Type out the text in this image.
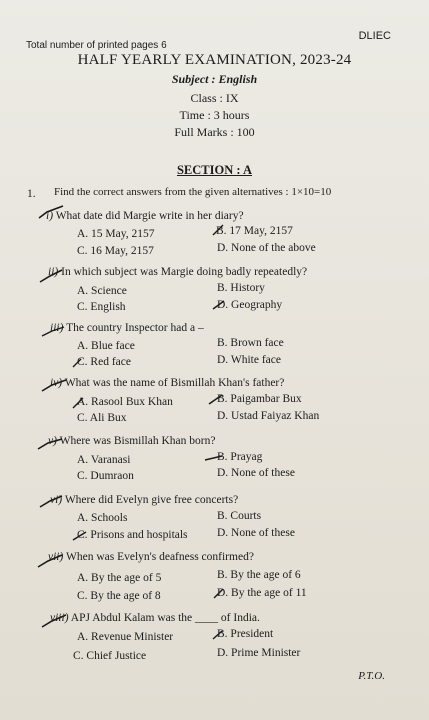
DLIEC
Total number of printed pages 6
HALF YEARLY EXAMINATION, 2023-24
Subject : English
Class : IX
Time : 3 hours
Full Marks : 100
SECTION : A
1. Find the correct answers from the given alternatives : 1×10=10
i) What date did Margie write in her diary?
A. 15 May, 2157	B. 17 May, 2157
C. 16 May, 2157	D. None of the above
ii) In which subject was Margie doing badly repeatedly?
A. Science	B. History
C. English	D. Geography
iii) The country Inspector had a –
A. Blue face	B. Brown face
C. Red face	D. White face
iv) What was the name of Bismillah Khan's father?
A. Rasool Bux Khan	B. Paigambar Bux
C. Ali Bux	D. Ustad Faiyaz Khan
v) Where was Bismillah Khan born?
A. Varanasi	B. Prayag
C. Dumraon	D. None of these
vi) Where did Evelyn give free concerts?
A. Schools	B. Courts
C. Prisons and hospitals	D. None of these
vii) When was Evelyn's deafness confirmed?
A. By the age of 5	B. By the age of 6
C. By the age of 8	D. By the age of 11
viii) APJ Abdul Kalam was the ____ of India.
A. Revenue Minister	B. President
C. Chief Justice	D. Prime Minister
P.T.O.
